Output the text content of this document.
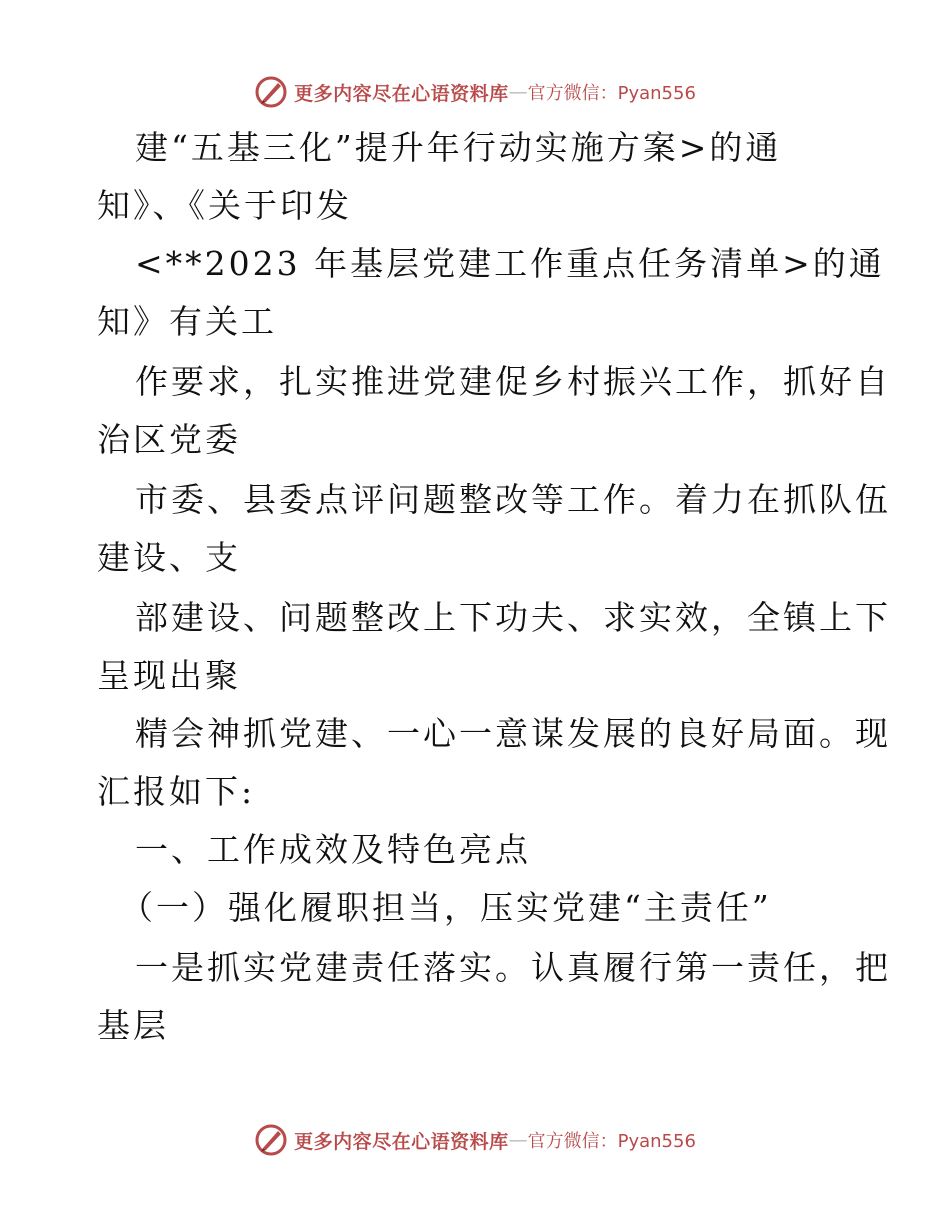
更多内容尽在心语资料库 — 官方微信：Pyan556
建“五基三化”提升年行动实施方案>的通
知》、《关于印发
<**2023 年基层党建工作重点任务清单>的通
知》有关工
作要求，扎实推进党建促乡村振兴工作，抓好自
治区党委
市委、县委点评问题整改等工作。着力在抓队伍
建设、支
部建设、问题整改上下功夫、求实效，全镇上下
呈现出聚
精会神抓党建、一心一意谋发展的良好局面。现
汇报如下:
一、工作成效及特色亮点
（一）强化履职担当，压实党建“主责任”
一是抓实党建责任落实。认真履行第一责任，把
基层
更多内容尽在心语资料库 — 官方微信：Pyan556
